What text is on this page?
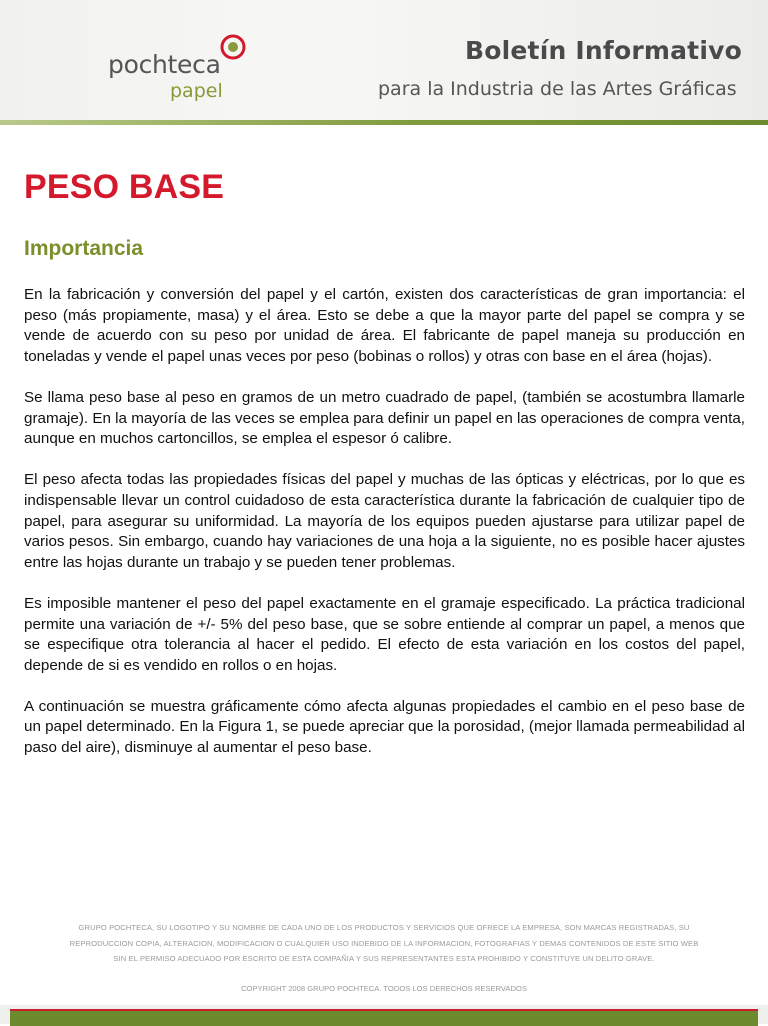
pochteca
papel
Boletín Informativo
para la Industria de las Artes Gráficas
PESO BASE
Importancia

En la fabricación y conversión del papel y el cartón, existen dos características de gran importancia: el peso (más propiamente, masa) y el área. Esto se debe a que la mayor parte del papel se compra y se vende de acuerdo con su peso por unidad de área. El fabricante de papel maneja su producción en toneladas y vende el papel unas veces por peso (bobinas o rollos) y otras con base en el área (hojas).

Se llama peso base al peso en gramos de un metro cuadrado de papel, (también se acostumbra llamarle gramaje). En la mayoría de las veces se emplea para definir un papel en las operaciones de compra venta, aunque en muchos cartoncillos, se emplea el espesor ó calibre.

El peso afecta todas las propiedades físicas del papel y muchas de las ópticas y eléctricas, por lo que es indispensable llevar un control cuidadoso de esta característica durante la fabricación de cualquier tipo de papel, para asegurar su uniformidad. La mayoría de los equipos pueden ajustarse para utilizar papel de varios pesos. Sin embargo, cuando hay variaciones de una hoja a la siguiente, no es posible hacer ajustes entre las hojas durante un trabajo y se pueden tener problemas.

Es imposible mantener el peso del papel exactamente en el gramaje especificado. La práctica tradicional permite una variación de +/- 5% del peso base, que se sobre entiende al comprar un papel, a menos que se especifique otra tolerancia al hacer el pedido. El efecto de esta variación en los costos del papel, depende de si es vendido en rollos o en hojas.

A continuación se muestra gráficamente cómo afecta algunas propiedades el cambio en el peso base de un papel determinado. En la Figura 1, se puede apreciar que la porosidad, (mejor llamada permeabilidad al paso del aire), disminuye al aumentar el peso base.

GRUPO POCHTECA, SU LOGOTIPO Y SU NOMBRE DE CADA UNO DE LOS PRODUCTOS Y SERVICIOS QUE OFRECE LA EMPRESA, SON MARCAS REGISTRADAS, SU
REPRODUCCION COPIA, ALTERACION, MODIFICACION O CUALQUIER USO INDEBIDO DE LA INFORMACION, FOTOGRAFIAS Y DEMAS CONTENIDOS DE ESTE SITIO WEB
SIN EL PERMISO ADECUADO POR ESCRITO DE ESTA COMPAÑIA Y SUS REPRESENTANTES ESTA PROHIBIDO Y CONSTITUYE UN DELITO GRAVE.
COPYRIGHT 2008 GRUPO POCHTECA. TODOS LOS DERECHOS RESERVADOS
